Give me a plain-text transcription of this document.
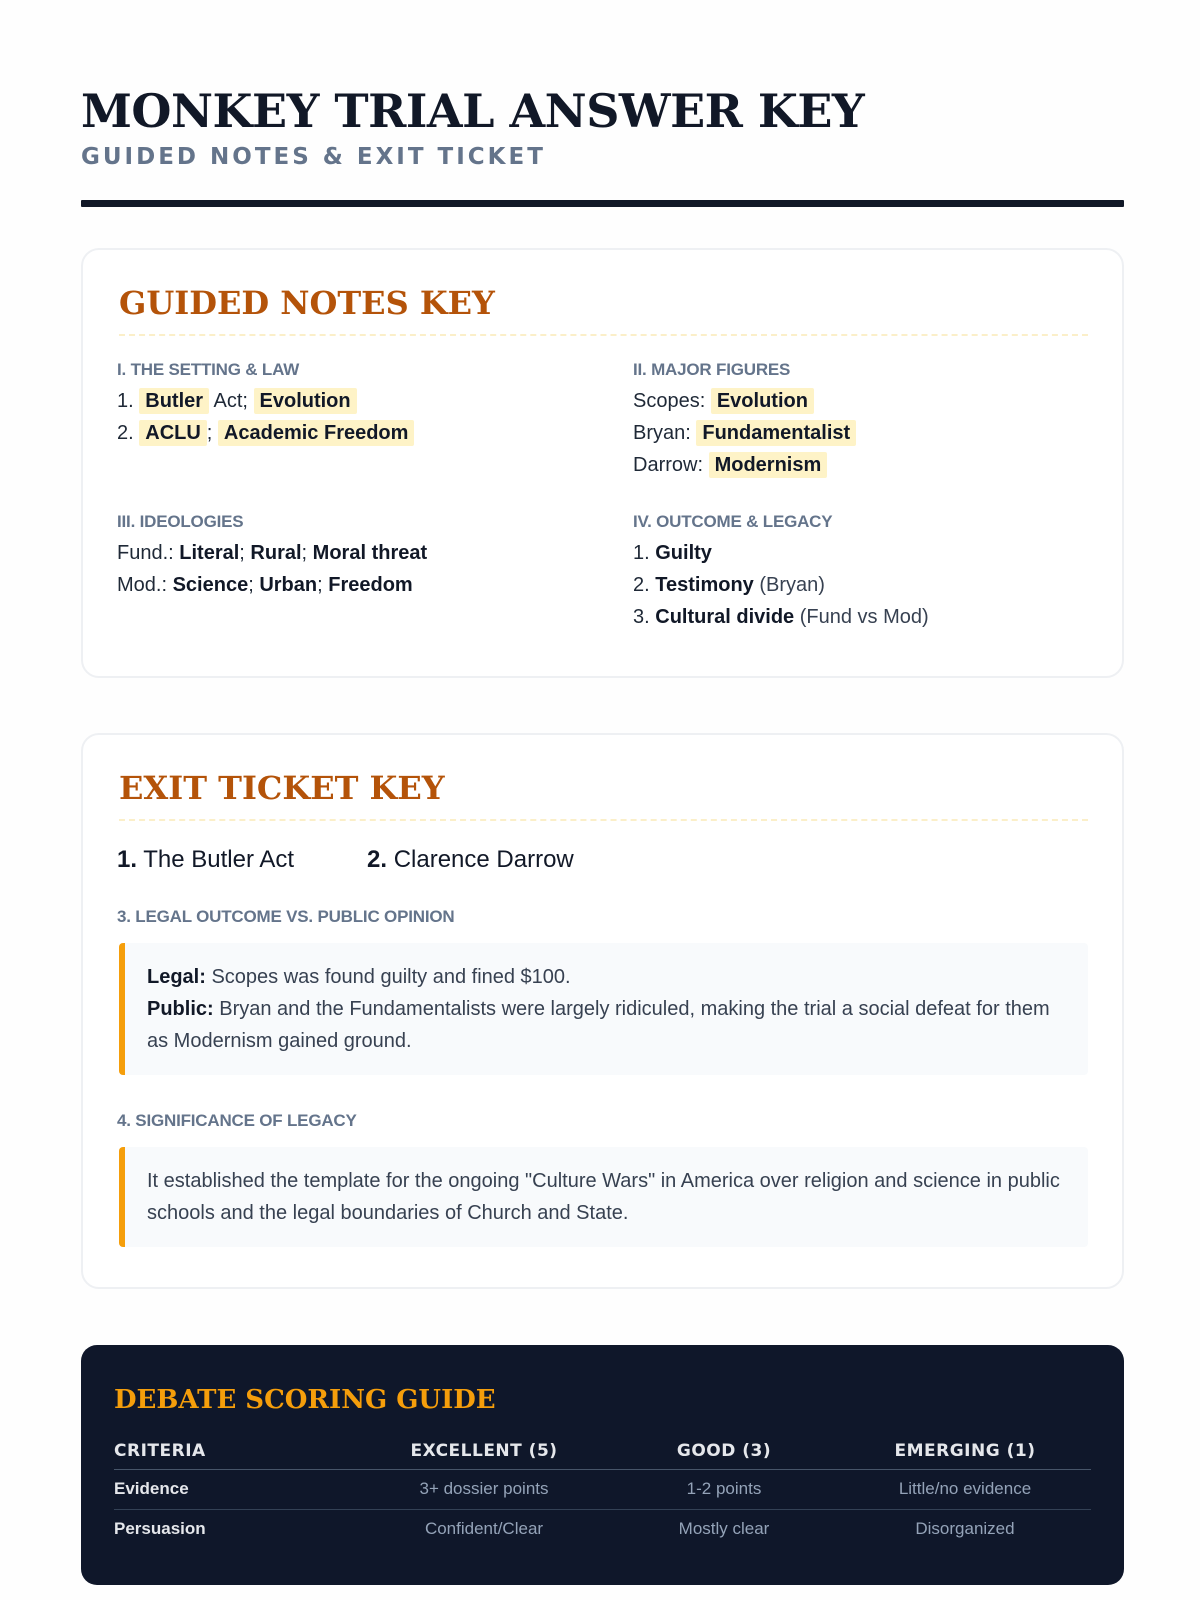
MONKEY TRIAL ANSWER KEY
GUIDED NOTES & EXIT TICKET
GUIDED NOTES KEY
I. THE SETTING & LAW
1. Butler Act; Evolution
2. ACLU ; Academic Freedom
II. MAJOR FIGURES
Scopes: Evolution
Bryan: Fundamentalist
Darrow: Modernism
III. IDEOLOGIES
Fund.: Literal; Rural; Moral threat
Mod.: Science; Urban; Freedom
IV. OUTCOME & LEGACY
1. Guilty
2. Testimony (Bryan)
3. Cultural divide (Fund vs Mod)
EXIT TICKET KEY
1. The Butler Act	2. Clarence Darrow
3. LEGAL OUTCOME VS. PUBLIC OPINION
Legal: Scopes was found guilty and fined $100.
Public: Bryan and the Fundamentalists were largely ridiculed, making the trial a social defeat for them as Modernism gained ground.
4. SIGNIFICANCE OF LEGACY
It established the template for the ongoing "Culture Wars" in America over religion and science in public schools and the legal boundaries of Church and State.
DEBATE SCORING GUIDE
CRITERIA	EXCELLENT (5)	GOOD (3)	EMERGING (1)
Evidence	3+ dossier points	1-2 points	Little/no evidence
Persuasion	Confident/Clear	Mostly clear	Disorganized
